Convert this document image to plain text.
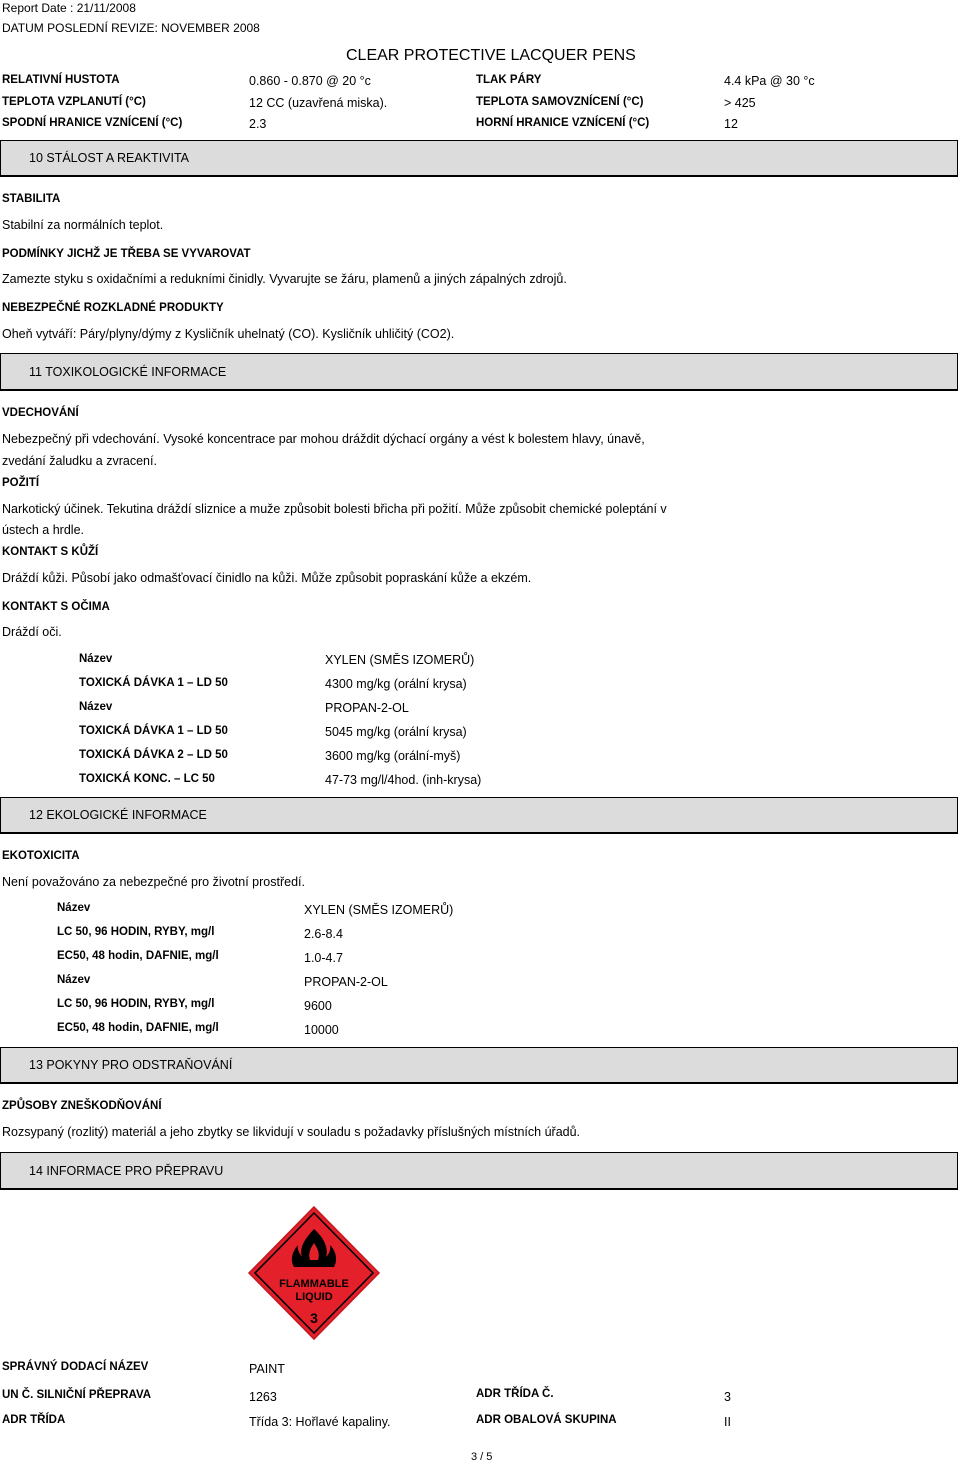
Report Date : 21/11/2008
DATUM POSLEDNÍ REVIZE: NOVEMBER 2008
CLEAR PROTECTIVE LACQUER PENS
RELATIVNÍ HUSTOTA	0.860 - 0.870 @ 20 °c	TLAK PÁRY	4.4 kPa @ 30 °c
TEPLOTA VZPLANUTÍ (°C)	12 CC (uzavřená miska).	TEPLOTA SAMOVZNÍCENÍ (°C)	> 425
SPODNÍ HRANICE VZNÍCENÍ (°C)	2.3	HORNÍ HRANICE VZNÍCENÍ (°C)	12
10 STÁLOST A REAKTIVITA
STABILITA
Stabilní za normálních teplot.
PODMÍNKY JICHŽ JE TŘEBA SE VYVAROVAT
Zamezte styku s oxidačními a redukními činidly. Vyvarujte se žáru, plamenů a jiných zápalných zdrojů.
NEBEZPEČNÉ ROZKLADNÉ PRODUKTY
Oheň vytváří: Páry/plyny/dýmy z Kysličník uhelnatý (CO). Kysličník uhličitý (CO2).
11 TOXIKOLOGICKÉ INFORMACE
VDECHOVÁNÍ
Nebezpečný při vdechování. Vysoké koncentrace par mohou dráždit dýchací orgány a vést k bolestem hlavy, únavě,
zvedání žaludku a zvracení.
POŽITÍ
Narkotický účinek. Tekutina dráždí sliznice a muže způsobit bolesti břicha při požití. Může způsobit chemické poleptání v
ústech a hrdle.
KONTAKT S KŮŽÍ
Dráždí kůži. Působí jako odmašťovací činidlo na kůži. Může způsobit popraskání kůže a ekzém.
KONTAKT S OČIMA
Dráždí oči.
Název	XYLEN (SMĚS IZOMERŮ)
TOXICKÁ DÁVKA 1 – LD 50	4300 mg/kg (orální krysa)
Název	PROPAN-2-OL
TOXICKÁ DÁVKA 1 – LD 50	5045 mg/kg (orální krysa)
TOXICKÁ DÁVKA 2 – LD 50	3600 mg/kg (orální-myš)
TOXICKÁ KONC. – LC 50	47-73 mg/l/4hod. (inh-krysa)
12 EKOLOGICKÉ INFORMACE
EKOTOXICITA
Není považováno za nebezpečné pro životní prostředí.
Název	XYLEN (SMĚS IZOMERŮ)
LC 50, 96 HODIN, RYBY, mg/l	2.6-8.4
EC50, 48 hodin, DAFNIE, mg/l	1.0-4.7
Název	PROPAN-2-OL
LC 50, 96 HODIN, RYBY, mg/l	9600
EC50, 48 hodin, DAFNIE, mg/l	10000
13 POKYNY PRO ODSTRAŇOVÁNÍ
ZPŮSOBY ZNEŠKODŇOVÁNÍ
Rozsypaný (rozlitý) materiál a jeho zbytky se likvidují v souladu s požadavky příslušných místních úřadů.
14 INFORMACE PRO PŘEPRAVU
FLAMMABLE
LIQUID
3
SPRÁVNÝ DODACÍ NÁZEV	PAINT
UN Č. SILNIČNÍ PŘEPRAVA	1263	ADR TŘÍDA Č.	3
ADR TŘÍDA	Třída 3: Hořlavé kapaliny.	ADR OBALOVÁ SKUPINA	II
3 / 5
